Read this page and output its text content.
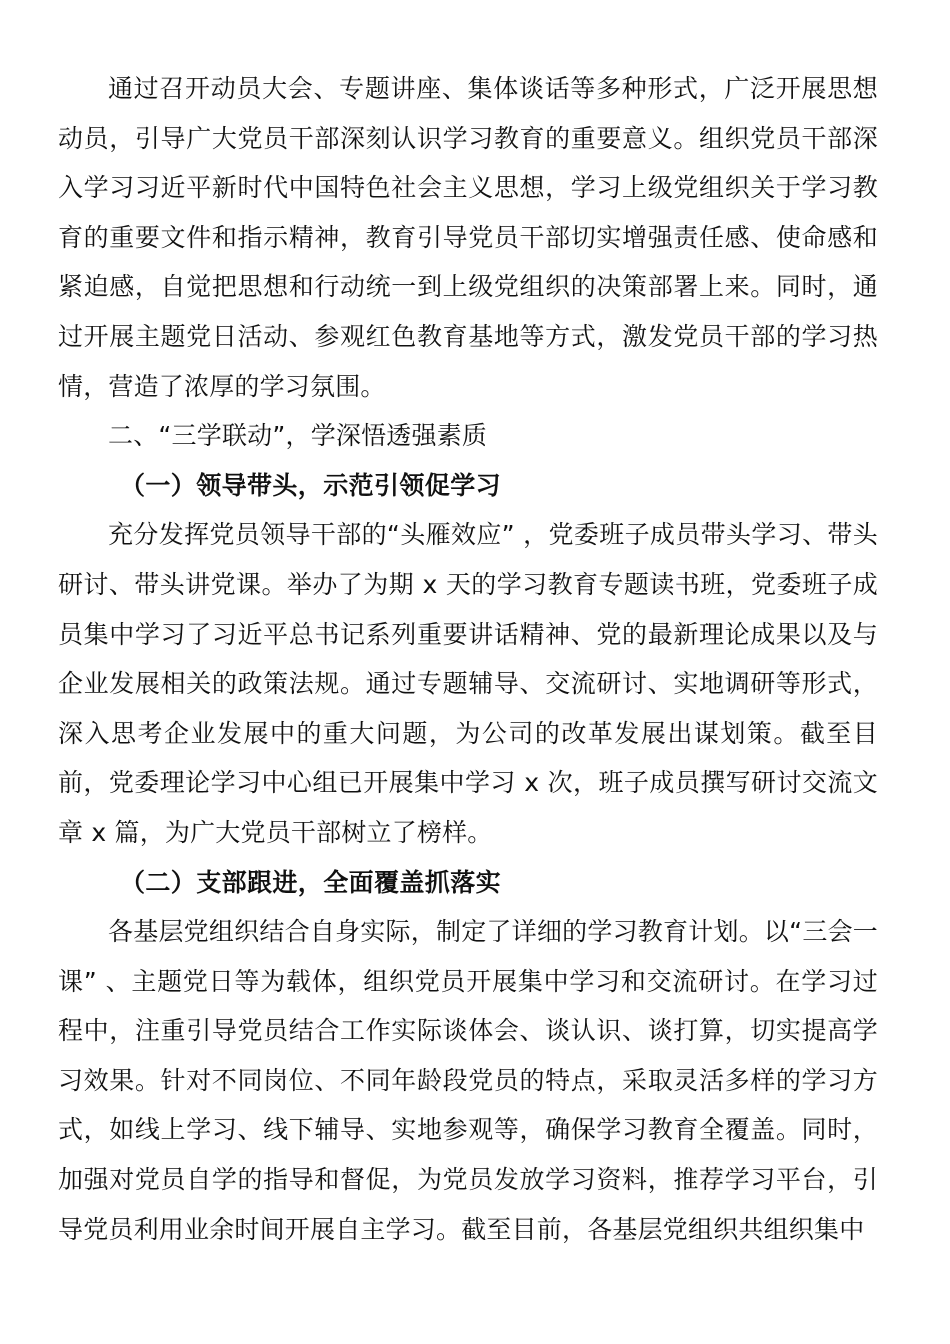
通过召开动员大会、专题讲座、集体谈话等多种形式，广泛开展思想动员，引导广大党员干部深刻认识学习教育的重要意义。组织党员干部深入学习习近平新时代中国特色社会主义思想，学习上级党组织关于学习教育的重要文件和指示精神，教育引导党员干部切实增强责任感、使命感和紧迫感，自觉把思想和行动统一到上级党组织的决策部署上来。同时，通过开展主题党日活动、参观红色教育基地等方式，激发党员干部的学习热情，营造了浓厚的学习氛围。

二、“三学联动”，学深悟透强素质

（一）领导带头，示范引领促学习

充分发挥党员领导干部的“头雁效应” ，党委班子成员带头学习、带头研讨、带头讲党课。举办了为期 x 天的学习教育专题读书班，党委班子成员集中学习了习近平总书记系列重要讲话精神、党的最新理论成果以及与企业发展相关的政策法规。通过专题辅导、交流研讨、实地调研等形式，深入思考企业发展中的重大问题，为公司的改革发展出谋划策。截至目前，党委理论学习中心组已开展集中学习 x 次，班子成员撰写研讨交流文章 x 篇，为广大党员干部树立了榜样。

（二）支部跟进，全面覆盖抓落实

各基层党组织结合自身实际，制定了详细的学习教育计划。以“三会一课” 、主题党日等为载体，组织党员开展集中学习和交流研讨。在学习过程中，注重引导党员结合工作实际谈体会、谈认识、谈打算，切实提高学习效果。针对不同岗位、不同年龄段党员的特点，采取灵活多样的学习方式，如线上学习、线下辅导、实地参观等，确保学习教育全覆盖。同时，加强对党员自学的指导和督促，为党员发放学习资料，推荐学习平台，引导党员利用业余时间开展自主学习。截至目前，各基层党组织共组织集中
